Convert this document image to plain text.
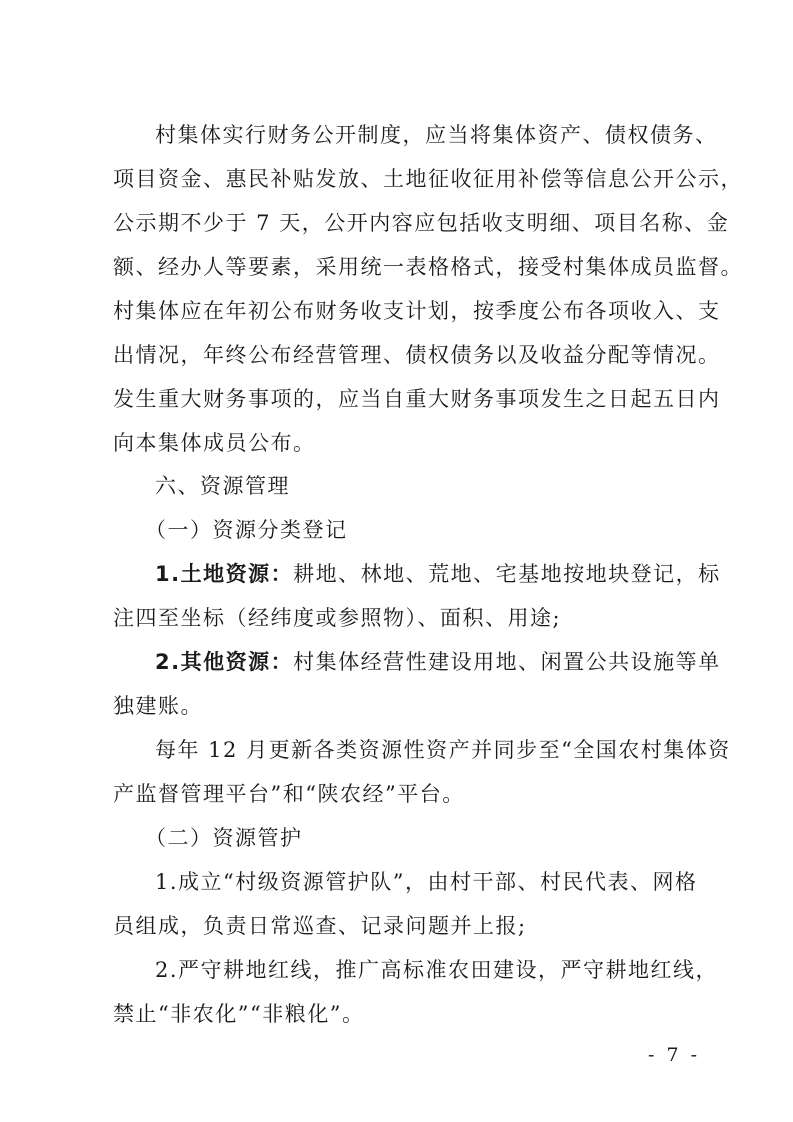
村集体实行财务公开制度，应当将集体资产、债权债务、
项目资金、惠民补贴发放、土地征收征用补偿等信息公开公示，
公示期不少于 7 天，公开内容应包括收支明细、项目名称、金
额、经办人等要素，采用统一表格格式，接受村集体成员监督。
村集体应在年初公布财务收支计划，按季度公布各项收入、支
出情况，年终公布经营管理、债权债务以及收益分配等情况。
发生重大财务事项的，应当自重大财务事项发生之日起五日内
向本集体成员公布。
六、资源管理
（一）资源分类登记
1.土地资源：耕地、林地、荒地、宅基地按地块登记，标
注四至坐标（经纬度或参照物）、面积、用途;
2.其他资源：村集体经营性建设用地、闲置公共设施等单
独建账。
每年 12 月更新各类资源性资产并同步至“全国农村集体资
产监督管理平台”和“陕农经”平台。
（二）资源管护
1.成立“村级资源管护队”，由村干部、村民代表、网格
员组成，负责日常巡查、记录问题并上报;
2.严守耕地红线，推广高标准农田建设，严守耕地红线，
禁止“非农化”“非粮化”。
- 7 -
